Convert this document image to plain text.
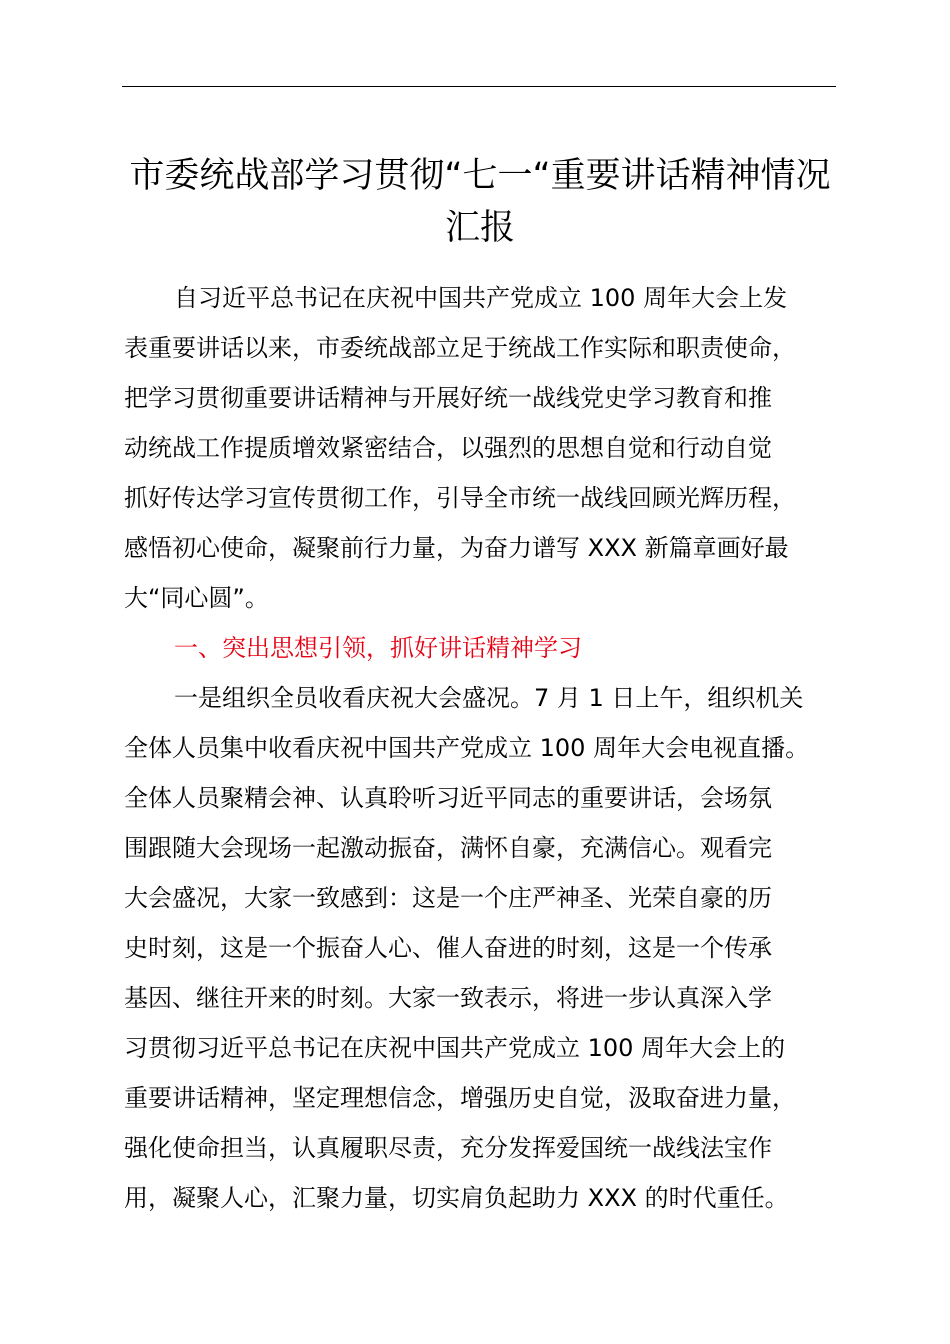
市委统战部学习贯彻“七一“重要讲话精神情况
汇报

自习近平总书记在庆祝中国共产党成立 100 周年大会上发
表重要讲话以来，市委统战部立足于统战工作实际和职责使命，
把学习贯彻重要讲话精神与开展好统一战线党史学习教育和推
动统战工作提质增效紧密结合，以强烈的思想自觉和行动自觉
抓好传达学习宣传贯彻工作，引导全市统一战线回顾光辉历程，
感悟初心使命，凝聚前行力量，为奋力谱写 XXX 新篇章画好最
大“同心圆”。

一、突出思想引领，抓好讲话精神学习

一是组织全员收看庆祝大会盛况。7 月 1 日上午，组织机关
全体人员集中收看庆祝中国共产党成立 100 周年大会电视直播。
全体人员聚精会神、认真聆听习近平同志的重要讲话，会场氛
围跟随大会现场一起激动振奋，满怀自豪，充满信心。观看完
大会盛况，大家一致感到：这是一个庄严神圣、光荣自豪的历
史时刻，这是一个振奋人心、催人奋进的时刻，这是一个传承
基因、继往开来的时刻。大家一致表示，将进一步认真深入学
习贯彻习近平总书记在庆祝中国共产党成立 100 周年大会上的
重要讲话精神，坚定理想信念，增强历史自觉，汲取奋进力量，
强化使命担当，认真履职尽责，充分发挥爱国统一战线法宝作
用，凝聚人心，汇聚力量，切实肩负起助力 XXX 的时代重任。
